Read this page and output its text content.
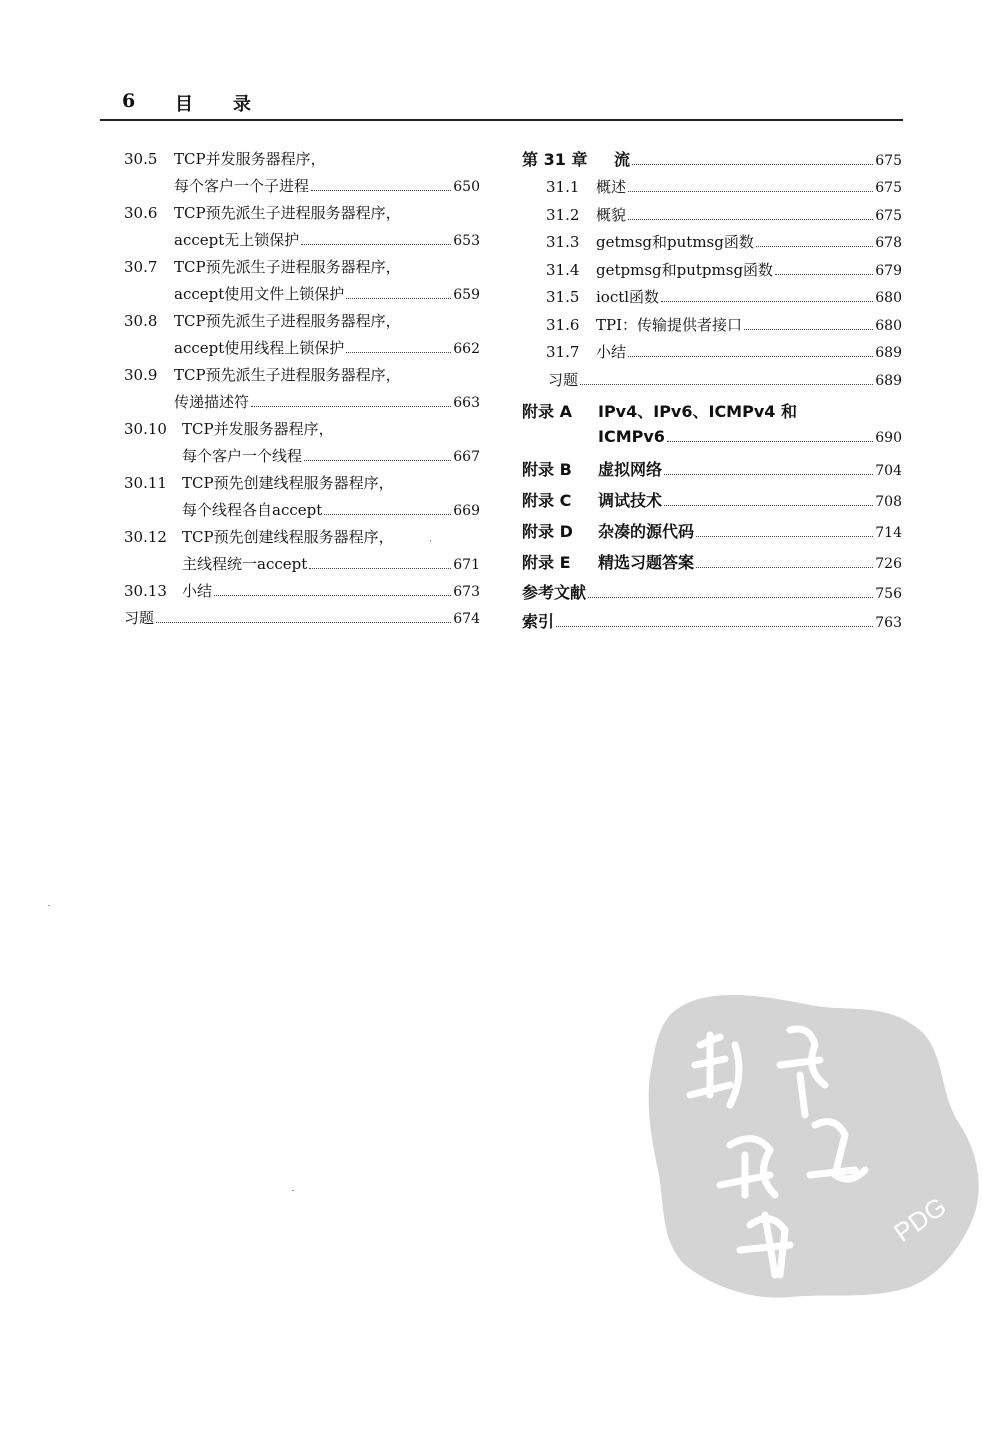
6 目 录
30.5	TCP并发服务器程序，
每个客户一个子进程	650
30.6	TCP预先派生子进程服务器程序，
accept无上锁保护	653
30.7	TCP预先派生子进程服务器程序，
accept使用文件上锁保护	659
30.8	TCP预先派生子进程服务器程序，
accept使用线程上锁保护	662
30.9	TCP预先派生子进程服务器程序，
传递描述符	663
30.10	TCP并发服务器程序，
每个客户一个线程	667
30.11	TCP预先创建线程服务器程序，
每个线程各自accept	669
30.12	TCP预先创建线程服务器程序，
主线程统一accept	671
30.13	小结	673
习题	674
第 31 章	流	675
31.1	概述	675
31.2	概貌	675
31.3	getmsg和putmsg函数	678
31.4	getpmsg和putpmsg函数	679
31.5	ioctl函数	680
31.6	TPI：传输提供者接口	680
31.7	小结	689
习题	689
附录 A	IPv4、IPv6、ICMPv4 和
ICMPv6	690
附录 B	虚拟网络	704
附录 C	调试技术	708
附录 D	杂凑的源代码	714
附录 E	精选习题答案	726
参考文献	756
索引	763
PDG
